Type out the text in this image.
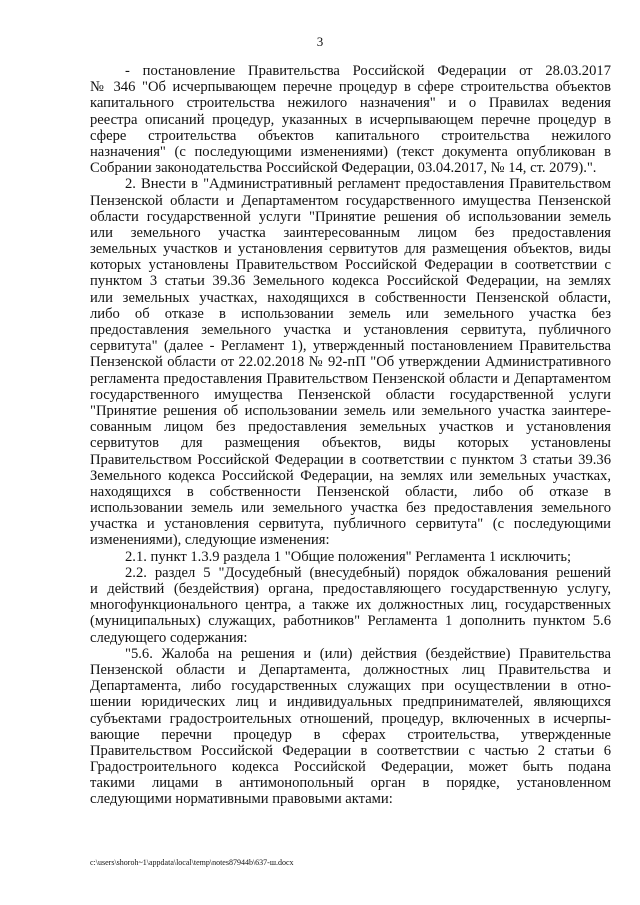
3
- постановление Правительства Российской Федерации от 28.03.2017
№ 346 "Об исчерпывающем перечне процедур в сфере строительства объектов
капитального строительства нежилого назначения" и о Правилах ведения
реестра описаний процедур, указанных в исчерпывающем перечне процедур в
сфере строительства объектов капитального строительства нежилого
назначения" (с последующими изменениями) (текст документа опубликован в
Собрании законодательства Российской Федерации, 03.04.2017, № 14, ст. 2079).".
2. Внести в "Административный регламент предоставления Правительством
Пензенской области и Департаментом государственного имущества Пензенской
области государственной услуги "Принятие решения об использовании земель
или земельного участка заинтересованным лицом без предоставления
земельных участков и установления сервитутов для размещения объектов, виды
которых установлены Правительством Российской Федерации в соответствии с
пунктом 3 статьи 39.36 Земельного кодекса Российской Федерации, на землях
или земельных участках, находящихся в собственности Пензенской области,
либо об отказе в использовании земель или земельного участка без
предоставления земельного участка и установления сервитута, публичного
сервитута" (далее - Регламент 1), утвержденный постановлением Правительства
Пензенской области от 22.02.2018 № 92-пП "Об утверждении Административного
регламента предоставления Правительством Пензенской области и Департаментом
государственного имущества Пензенской области государственной услуги
"Принятие решения об использовании земель или земельного участка заинтере-
сованным лицом без предоставления земельных участков и установления
сервитутов для размещения объектов, виды которых установлены
Правительством Российской Федерации в соответствии с пунктом 3 статьи 39.36
Земельного кодекса Российской Федерации, на землях или земельных участках,
находящихся в собственности Пензенской области, либо об отказе в
использовании земель или земельного участка без предоставления земельного
участка и установления сервитута, публичного сервитута" (с последующими
изменениями), следующие изменения:
2.1. пункт 1.3.9 раздела 1 "Общие положения" Регламента 1 исключить;
2.2. раздел 5 "Досудебный (внесудебный) порядок обжалования решений
и действий (бездействия) органа, предоставляющего государственную услугу,
многофункционального центра, а также их должностных лиц, государственных
(муниципальных) служащих, работников" Регламента 1 дополнить пунктом 5.6
следующего содержания:
"5.6. Жалоба на решения и (или) действия (бездействие) Правительства
Пензенской области и Департамента, должностных лиц Правительства и
Департамента, либо государственных служащих при осуществлении в отно-
шении юридических лиц и индивидуальных предпринимателей, являющихся
субъектами градостроительных отношений, процедур, включенных в исчерпы-
вающие перечни процедур в сферах строительства, утвержденные
Правительством Российской Федерации в соответствии с частью 2 статьи 6
Градостроительного кодекса Российской Федерации, может быть подана
такими лицами в антимонопольный орган в порядке, установленном
следующими нормативными правовыми актами:
c:\users\shoroh~1\appdata\local\temp\notes87944b\637-ш.docx
